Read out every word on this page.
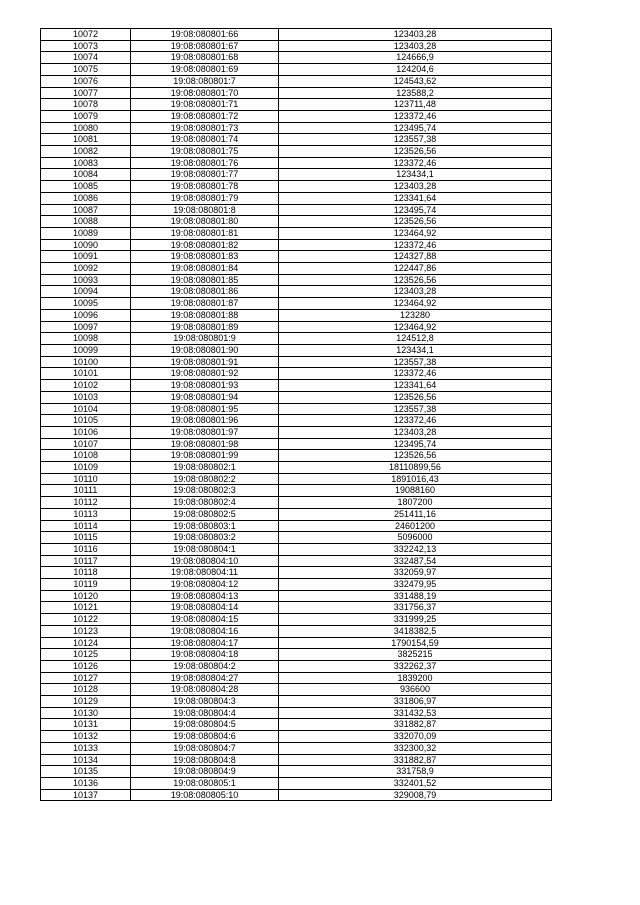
10072	19:08:080801:66	123403,28
10073	19:08:080801:67	123403,28
10074	19:08:080801:68	124666,9
10075	19:08:080801:69	124204,6
10076	19:08:080801:7	124543,62
10077	19:08:080801:70	123588,2
10078	19:08:080801:71	123711,48
10079	19:08:080801:72	123372,46
10080	19:08:080801:73	123495,74
10081	19:08:080801:74	123557,38
10082	19:08:080801:75	123526,56
10083	19:08:080801:76	123372,46
10084	19:08:080801:77	123434,1
10085	19:08:080801:78	123403,28
10086	19:08:080801:79	123341,64
10087	19:08:080801:8	123495,74
10088	19:08:080801:80	123526,56
10089	19:08:080801:81	123464,92
10090	19:08:080801:82	123372,46
10091	19:08:080801:83	124327,88
10092	19:08:080801:84	122447,86
10093	19:08:080801:85	123526,56
10094	19:08:080801:86	123403,28
10095	19:08:080801:87	123464,92
10096	19:08:080801:88	123280
10097	19:08:080801:89	123464,92
10098	19:08:080801:9	124512,8
10099	19:08:080801:90	123434,1
10100	19:08:080801:91	123557,38
10101	19:08:080801:92	123372,46
10102	19:08:080801:93	123341,64
10103	19:08:080801:94	123526,56
10104	19:08:080801:95	123557,38
10105	19:08:080801:96	123372,46
10106	19:08:080801:97	123403,28
10107	19:08:080801:98	123495,74
10108	19:08:080801:99	123526,56
10109	19:08:080802:1	18110899,56
10110	19:08:080802:2	1891016,43
10111	19:08:080802:3	19088160
10112	19:08:080802:4	1807200
10113	19:08:080802:5	251411,16
10114	19:08:080803:1	24601200
10115	19:08:080803:2	5096000
10116	19:08:080804:1	332242,13
10117	19:08:080804:10	332487,54
10118	19:08:080804:11	332059,97
10119	19:08:080804:12	332479,95
10120	19:08:080804:13	331488,19
10121	19:08:080804:14	331756,37
10122	19:08:080804:15	331999,25
10123	19:08:080804:16	3418382,5
10124	19:08:080804:17	1790154,59
10125	19:08:080804:18	3825215
10126	19:08:080804:2	332262,37
10127	19:08:080804:27	1839200
10128	19:08:080804:28	936600
10129	19:08:080804:3	331806,97
10130	19:08:080804:4	331432,53
10131	19:08:080804:5	331882,87
10132	19:08:080804:6	332070,09
10133	19:08:080804:7	332300,32
10134	19:08:080804:8	331882,87
10135	19:08:080804:9	331758,9
10136	19:08:080805:1	332401,52
10137	19:08:080805:10	329008,79
